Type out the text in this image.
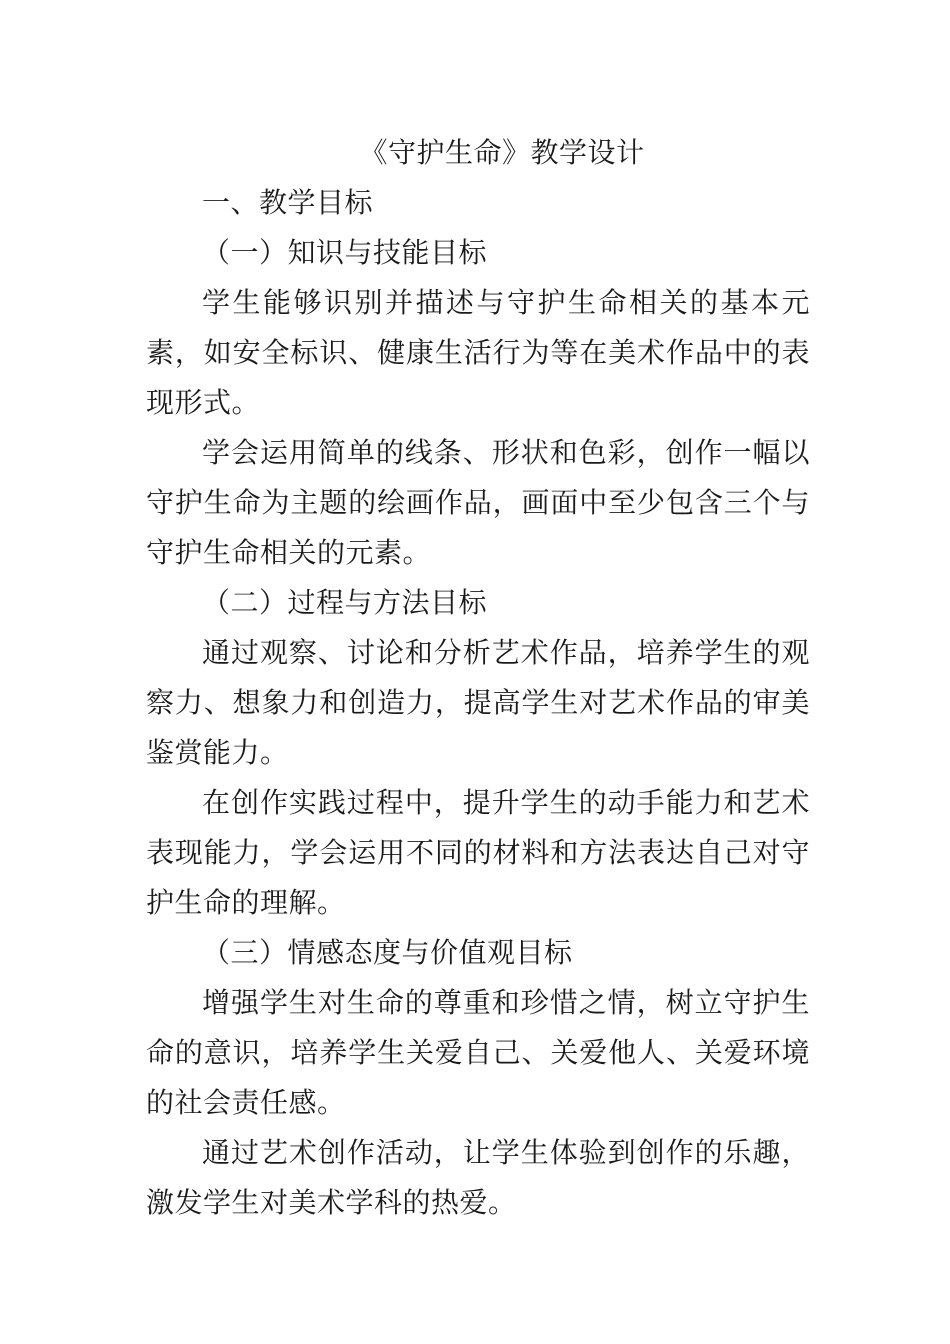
《守护生命》教学设计
一、教学目标
（一）知识与技能目标

学生能够识别并描述与守护生命相关的基本元素，如安全标识、健康生活行为等在美术作品中的表现形式。

学会运用简单的线条、形状和色彩，创作一幅以守护生命为主题的绘画作品，画面中至少包含三个与守护生命相关的元素。

（二）过程与方法目标

通过观察、讨论和分析艺术作品，培养学生的观察力、想象力和创造力，提高学生对艺术作品的审美鉴赏能力。

在创作实践过程中，提升学生的动手能力和艺术表现能力，学会运用不同的材料和方法表达自己对守护生命的理解。

（三）情感态度与价值观目标

增强学生对生命的尊重和珍惜之情，树立守护生命的意识，培养学生关爱自己、关爱他人、关爱环境的社会责任感。

通过艺术创作活动，让学生体验到创作的乐趣，激发学生对美术学科的热爱。
